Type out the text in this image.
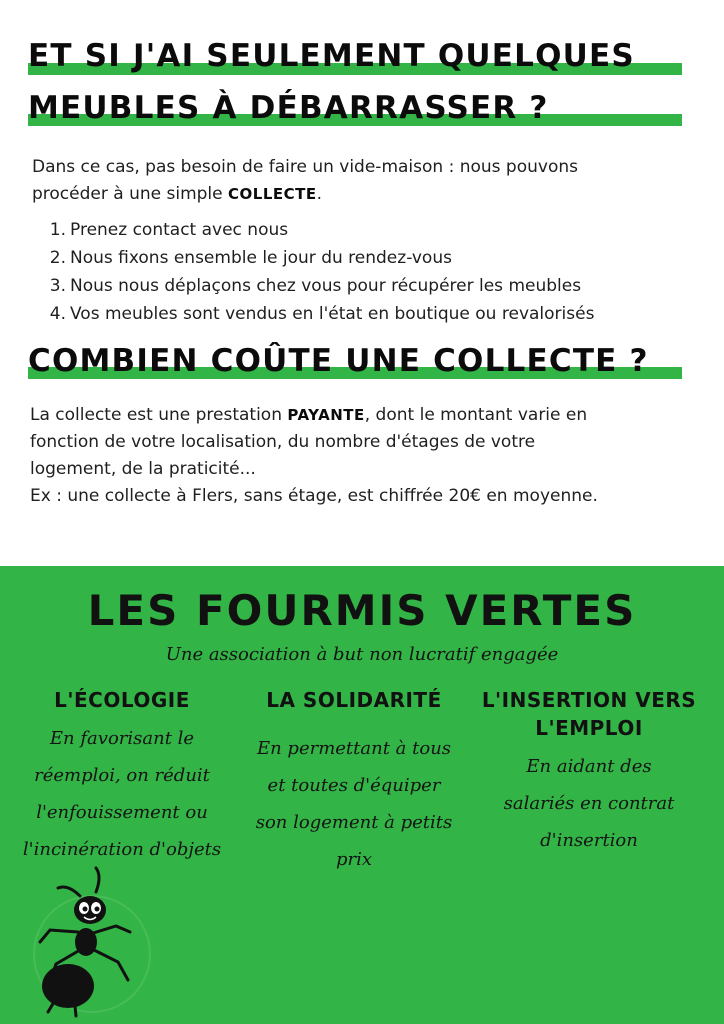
ET SI J'AI SEULEMENT QUELQUES
MEUBLES À DÉBARRASSER ?

Dans ce cas, pas besoin de faire un vide-maison : nous pouvons
procéder à une simple COLLECTE.

1. Prenez contact avec nous
2. Nous fixons ensemble le jour du rendez-vous
3. Nous nous déplaçons chez vous pour récupérer les meubles
4. Vos meubles sont vendus en l'état en boutique ou revalorisés
COMBIEN COÛTE UNE COLLECTE ?

La collecte est une prestation PAYANTE, dont le montant varie en
fonction de votre localisation, du nombre d'étages de votre
logement, de la praticité...
Ex : une collecte à Flers, sans étage, est chiffrée 20€ en moyenne.

LES FOURMIS VERTES

Une association à but non lucratif engagée

L'ÉCOLOGIE

En favorisant le
réemploi, on réduit
l'enfouissement ou
l'incinération d'objets

LA SOLIDARITÉ

En permettant à tous
et toutes d'équiper
son logement à petits
prix

L'INSERTION VERS
L'EMPLOI

En aidant des
salariés en contrat
d'insertion
